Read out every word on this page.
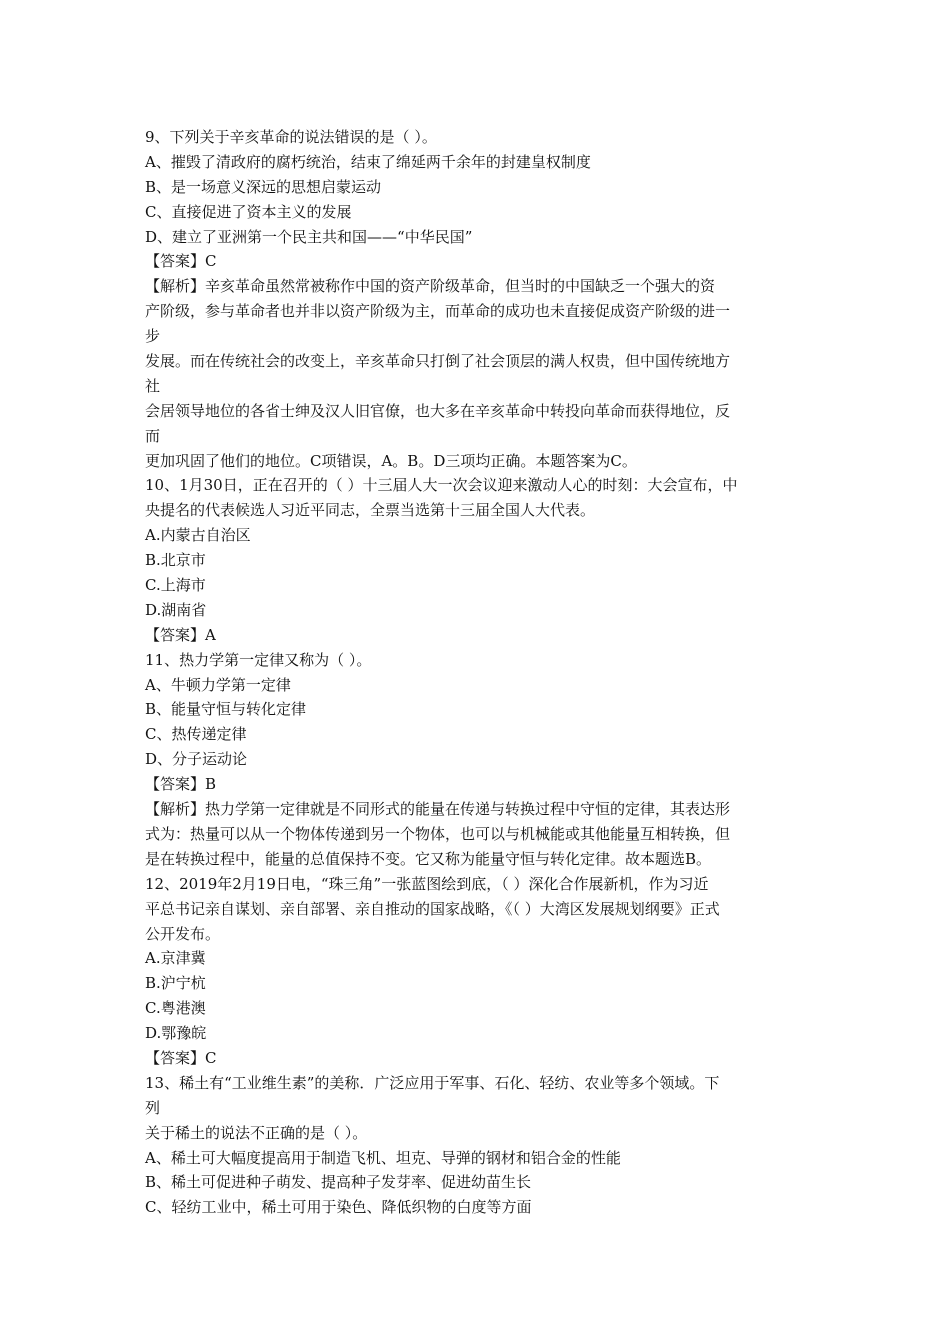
9、下列关于辛亥革命的说法错误的是（ ）。
A、摧毁了清政府的腐朽统治，结束了绵延两千余年的封建皇权制度
B、是一场意义深远的思想启蒙运动
C、直接促进了资本主义的发展
D、建立了亚洲第一个民主共和国——“中华民国”
【答案】C
【解析】辛亥革命虽然常被称作中国的资产阶级革命，但当时的中国缺乏一个强大的资
产阶级，参与革命者也并非以资产阶级为主，而革命的成功也未直接促成资产阶级的进一
步
发展。而在传统社会的改变上，辛亥革命只打倒了社会顶层的满人权贵，但中国传统地方
社
会居领导地位的各省士绅及汉人旧官僚，也大多在辛亥革命中转投向革命而获得地位，反
而
更加巩固了他们的地位。C项错误，A。B。D三项均正确。本题答案为C。
10、1月30日，正在召开的（ ）十三届人大一次会议迎来激动人心的时刻：大会宣布，中
央提名的代表候选人习近平同志，全票当选第十三届全国人大代表。
A.内蒙古自治区
B.北京市
C.上海市
D.湖南省
【答案】A
11、热力学第一定律又称为（ ）。
A、牛顿力学第一定律
B、能量守恒与转化定律
C、热传递定律
D、分子运动论
【答案】B
【解析】热力学第一定律就是不同形式的能量在传递与转换过程中守恒的定律，其表达形
式为：热量可以从一个物体传递到另一个物体，也可以与机械能或其他能量互相转换，但
是在转换过程中，能量的总值保持不变。它又称为能量守恒与转化定律。故本题选B。
12、2019年2月19日电，“珠三角”一张蓝图绘到底，（ ）深化合作展新机，作为习近
平总书记亲自谋划、亲自部署、亲自推动的国家战略，《（ ）大湾区发展规划纲要》正式
公开发布。
A.京津冀
B.沪宁杭
C.粤港澳
D.鄂豫皖
【答案】C
13、稀土有“工业维生素”的美称．广泛应用于军事、石化、轻纺、农业等多个领域。下
列
关于稀土的说法不正确的是（ ）。
A、稀土可大幅度提高用于制造飞机、坦克、导弹的钢材和铝合金的性能
B、稀土可促进种子萌发、提高种子发芽率、促进幼苗生长
C、轻纺工业中，稀土可用于染色、降低织物的白度等方面
